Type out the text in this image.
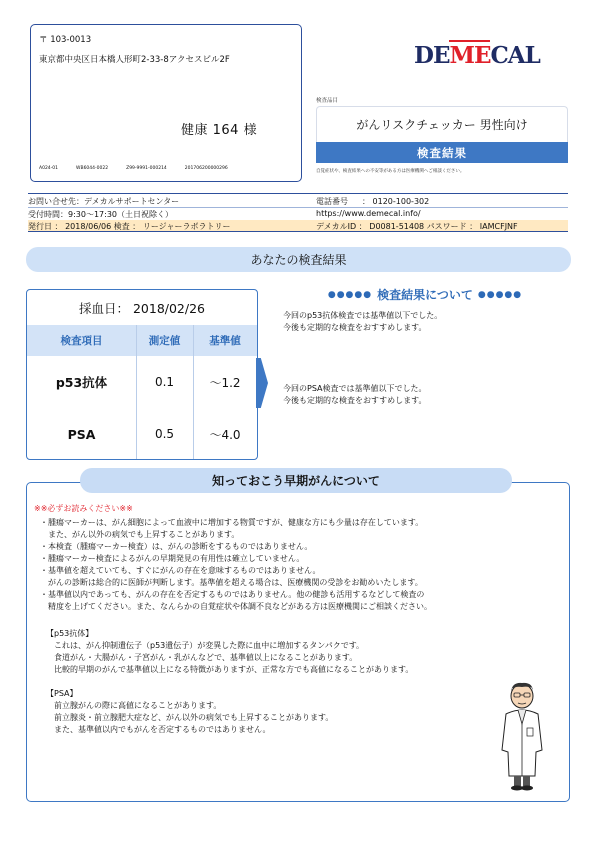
〒 103-0013
東京都中央区日本橋人形町2-33-8アクセスビル2F
健康 164 様
A024-01	WB6044-0022	Z99-9991-000214	201706200000296
DEMECAL
検査品目
がんリスクチェッカー 男性向け
検査結果
自覚症状や、検査結果への不安等がある方は医療機関へご相談ください。
お問い合せ先：デメカルサポートセンター	電話番号 ： 0120-100-302
受付時間：9:30～17:30（土日祝除く）	https://www.demecal.info/
発行日 ： 2018/06/06 検査 ： リージャーラボラトリー	デメカルID ： D0081-51408 パスワード ： IAMCFJNF
あなたの検査結果
採血日： 2018/02/26
検査項目	測定値	基準値
p53抗体	0.1	～1.2
PSA	0.5	～4.0
●●●●● 検査結果について ●●●●●
今回のp53抗体検査では基準値以下でした。
今後も定期的な検査をおすすめします。
今回のPSA検査では基準値以下でした。
今後も定期的な検査をおすすめします。
知っておこう早期がんについて
※※必ずお読みください※※
・腫瘍マーカーは、がん細胞によって血液中に増加する物質ですが、健康な方にも少量は存在しています。
　また、がん以外の病気でも上昇することがあります。
・本検査（腫瘍マーカー検査）は、がんの診断をするものではありません。
・腫瘍マーカー検査によるがんの早期発見の有用性は確立していません。
・基準値を超えていても、すぐにがんの存在を意味するものではありません。
　がんの診断は総合的に医師が判断します。基準値を超える場合は、医療機関の受診をお勧めいたします。
・基準値以内であっても、がんの存在を否定するものではありません。他の健診も活用するなどして検査の
　精度を上げてください。また、なんらかの自覚症状や体調不良などがある方は医療機関にご相談ください。
【p53抗体】
　これは、がん抑制遺伝子（p53遺伝子）が変異した際に血中に増加するタンパクです。
　食道がん・大腸がん・子宮がん・乳がんなどで、基準値以上になることがあります。
　比較的早期のがんで基準値以上になる特徴がありますが、正常な方でも高値になることがあります。
【PSA】
　前立腺がんの際に高値になることがあります。
　前立腺炎・前立腺肥大症など、がん以外の病気でも上昇することがあります。
　また、基準値以内でもがんを否定するものではありません。
